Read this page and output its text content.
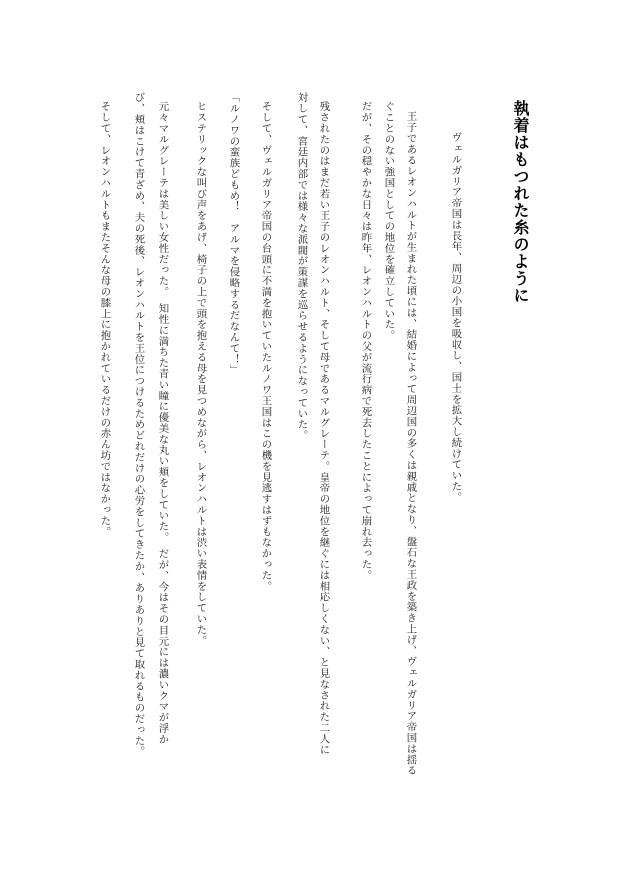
執着はもつれた糸のように
ヴェルガリア帝国は長年、周辺の小国を吸収し、国土を拡大し続けていた。
王子であるレオンハルトが生まれた頃には、結婚によって周辺国の多くは親戚となり、盤石な王政を築き上げ、ヴェルガリア帝国は揺る
ぐことのない強国としての地位を確立していた。
だが、その穏やかな日々は昨年、レオンハルトの父が流行病で死去したことによって崩れ去った。
残されたのはまだ若い王子のレオンハルト、そして母であるマルグレーテ。皇帝の地位を継ぐには相応しくない、と見なされた二人に
対して、宮廷内部では様々な派閥が策謀を巡らせるようになっていた。
そして、ヴェルガリア帝国の台頭に不満を抱いていたルノワ王国はこの機を見逃すはずもなかった。
「ルノワの蛮族どもめ！　アルマを侵略するだなんて！」
ヒステリックな叫び声をあげ、椅子の上で頭を抱える母を見つめながら、レオンハルトは渋い表情をしていた。
元々マルグレーテは美しい女性だった。　知性に満ちた青い瞳に優美な丸い頬をしていた。　だが、今はその目元には濃いクマが浮か
び、頬はこけて青ざめ、夫の死後、レオンハルトを王位につけるためどれだけの心労をしてきたか、ありありと見て取れるものだった。
そして、レオンハルトもまたそんな母の膝上に抱かれているだけの赤ん坊ではなかった。
